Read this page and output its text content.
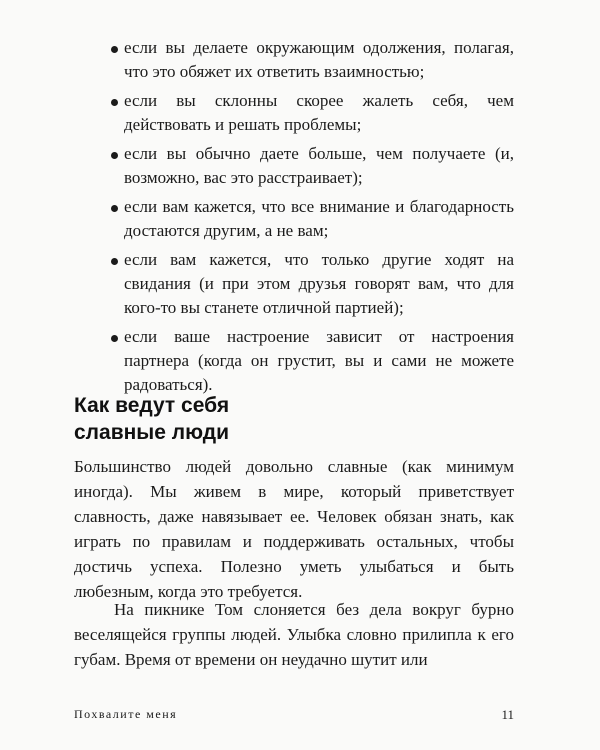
если вы делаете окружающим одолжения, полагая, что это обяжет их ответить взаимностью;
если вы склонны скорее жалеть себя, чем действовать и решать проблемы;
если вы обычно даете больше, чем получаете (и, возможно, вас это расстраивает);
если вам кажется, что все внимание и благодарность достаются другим, а не вам;
если вам кажется, что только другие ходят на свидания (и при этом друзья говорят вам, что для кого-то вы станете отличной партией);
если ваше настроение зависит от настроения партнера (когда он грустит, вы и сами не можете радоваться).
Как ведут себя
славные люди

Большинство людей довольно славные (как минимум иногда). Мы живем в мире, который приветствует славность, даже навязывает ее. Человек обязан знать, как играть по правилам и поддерживать остальных, чтобы достичь успеха. Полезно уметь улыбаться и быть любезным, когда это требуется.

На пикнике Том слоняется без дела вокруг бурно веселящейся группы людей. Улыбка словно прилипла к его губам. Время от времени он неудачно шутит или

Похвалите меня	11
